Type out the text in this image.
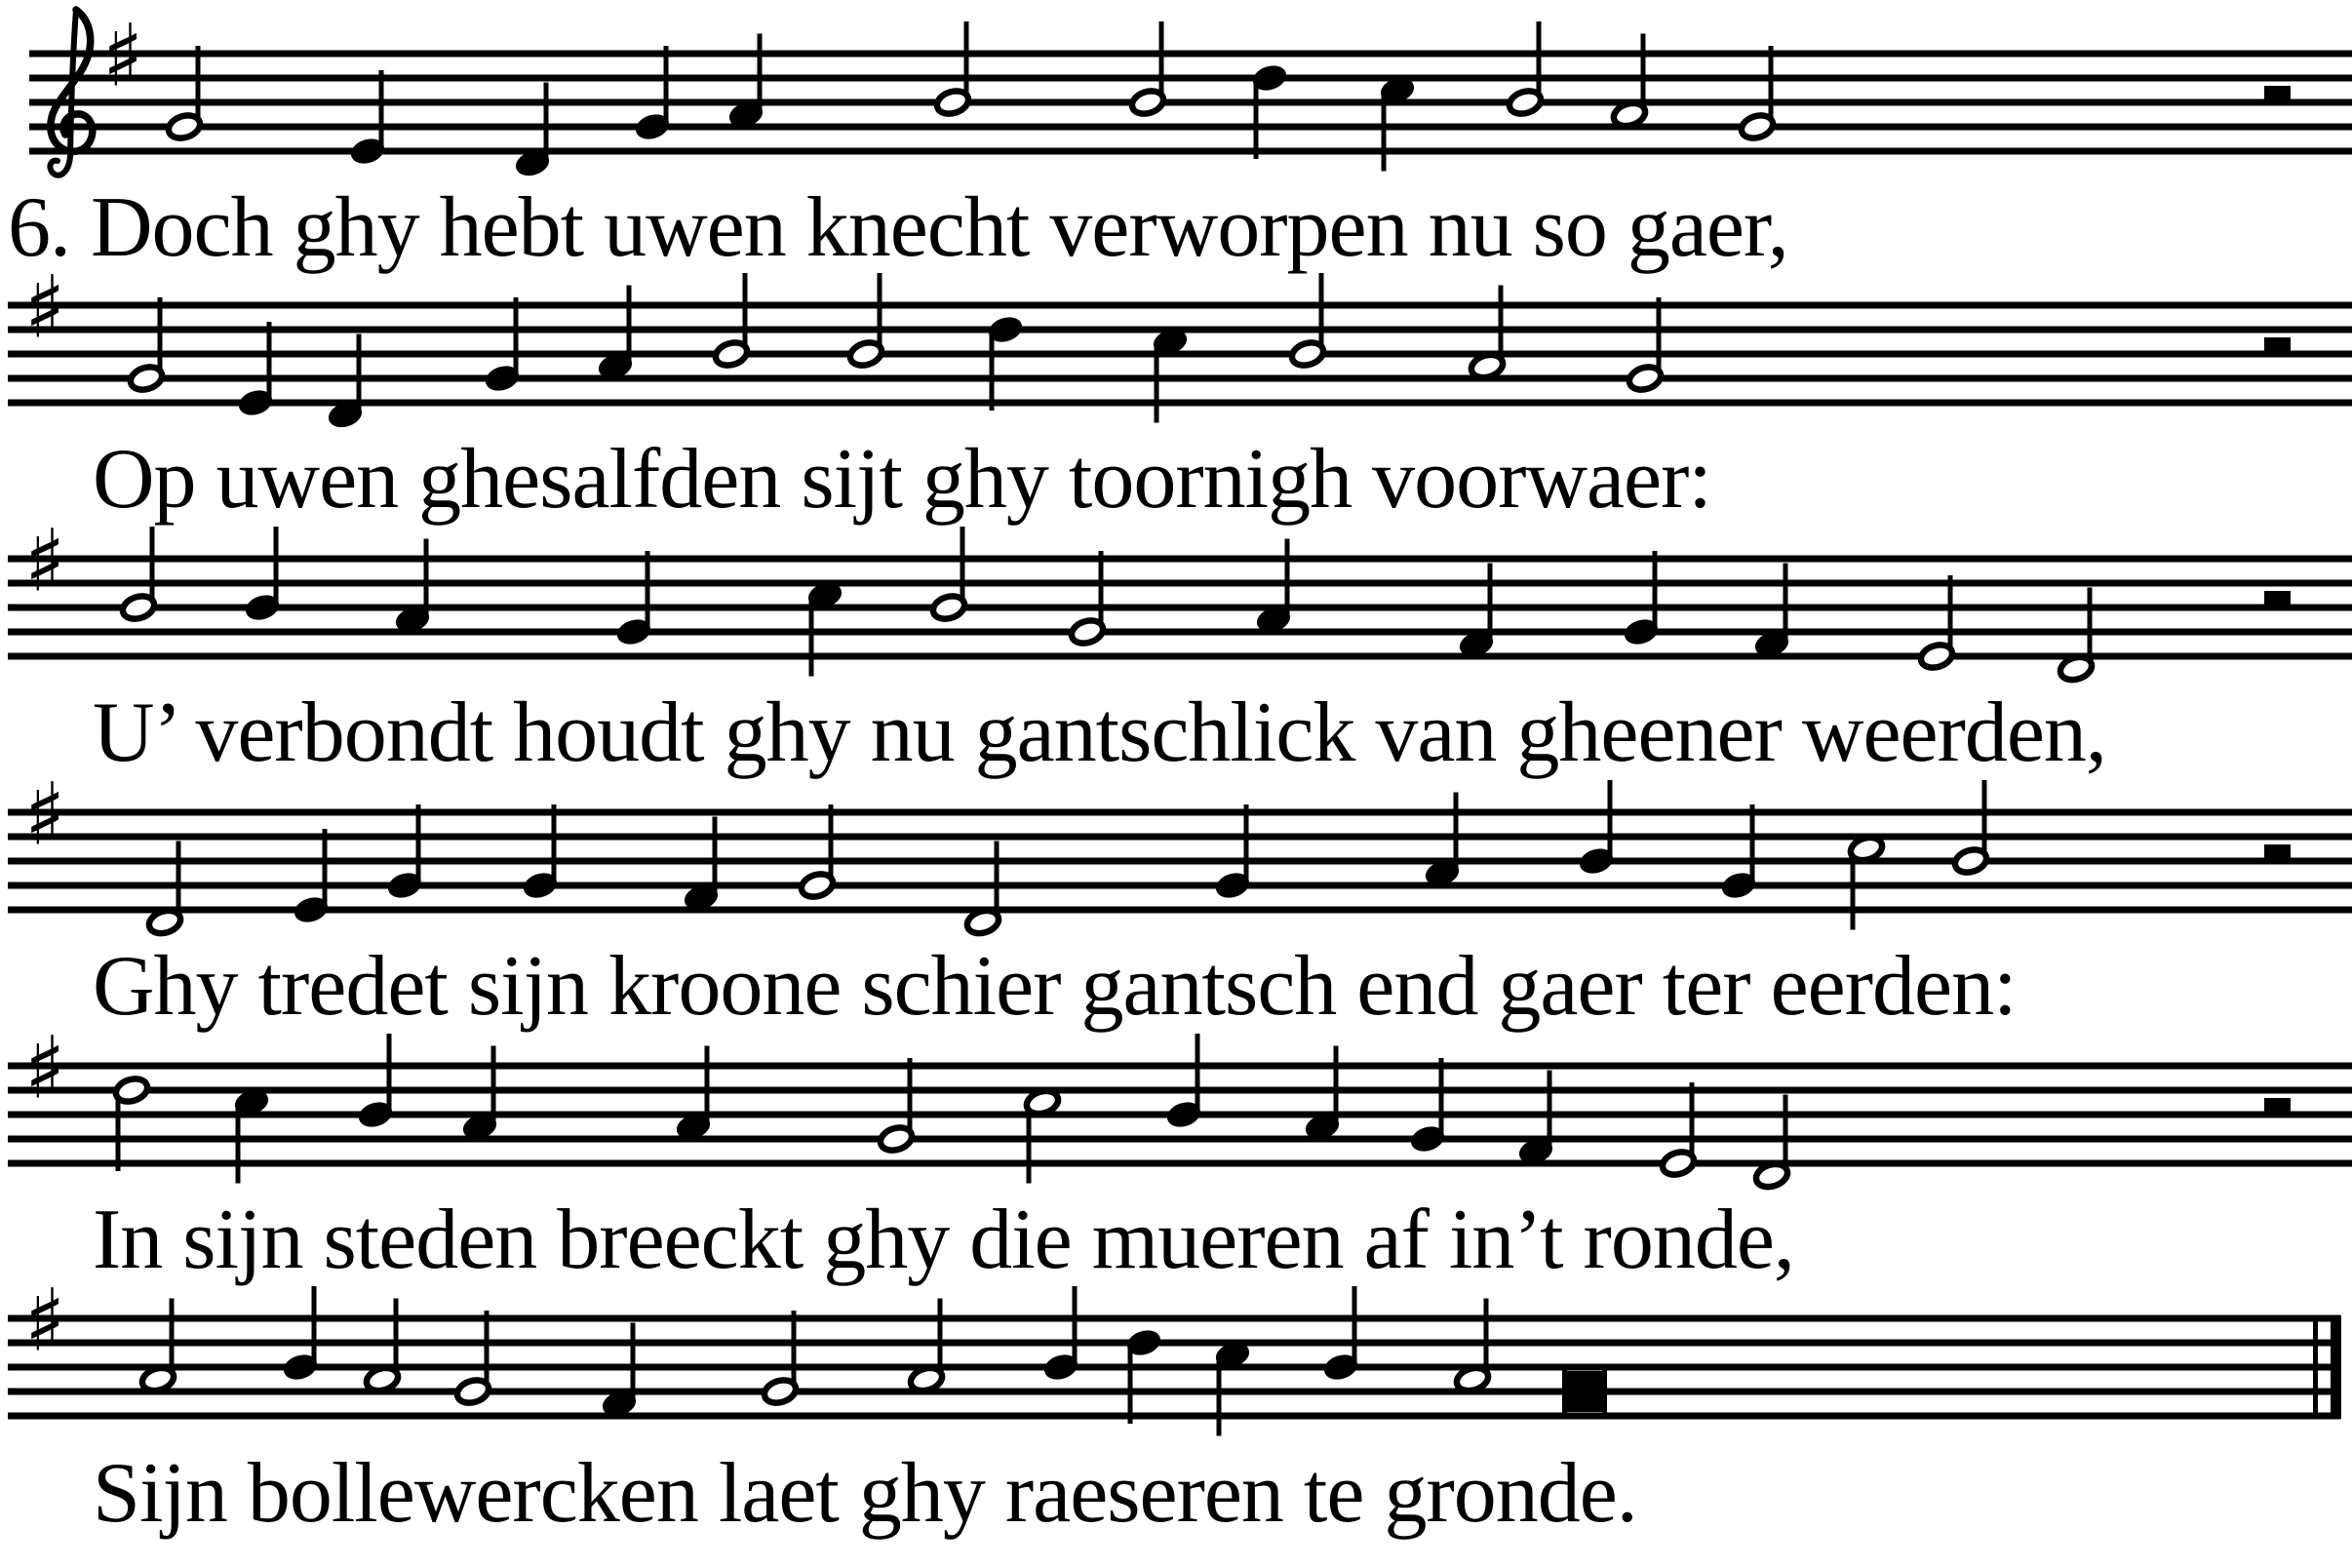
♯
♯
♯
♯
♯
♯
6. Doch ghy hebt uwen knecht verworpen nu so gaer,
Op uwen ghesalfden sijt ghy toornigh voorwaer:
U’ verbondt houdt ghy nu gantschlick van gheener weerden,
Ghy tredet sijn kroone schier gantsch end gaer ter eerden:
In sijn steden breeckt ghy die mueren af in’t ronde,
Sijn bollewercken laet ghy raeseren te gronde.
